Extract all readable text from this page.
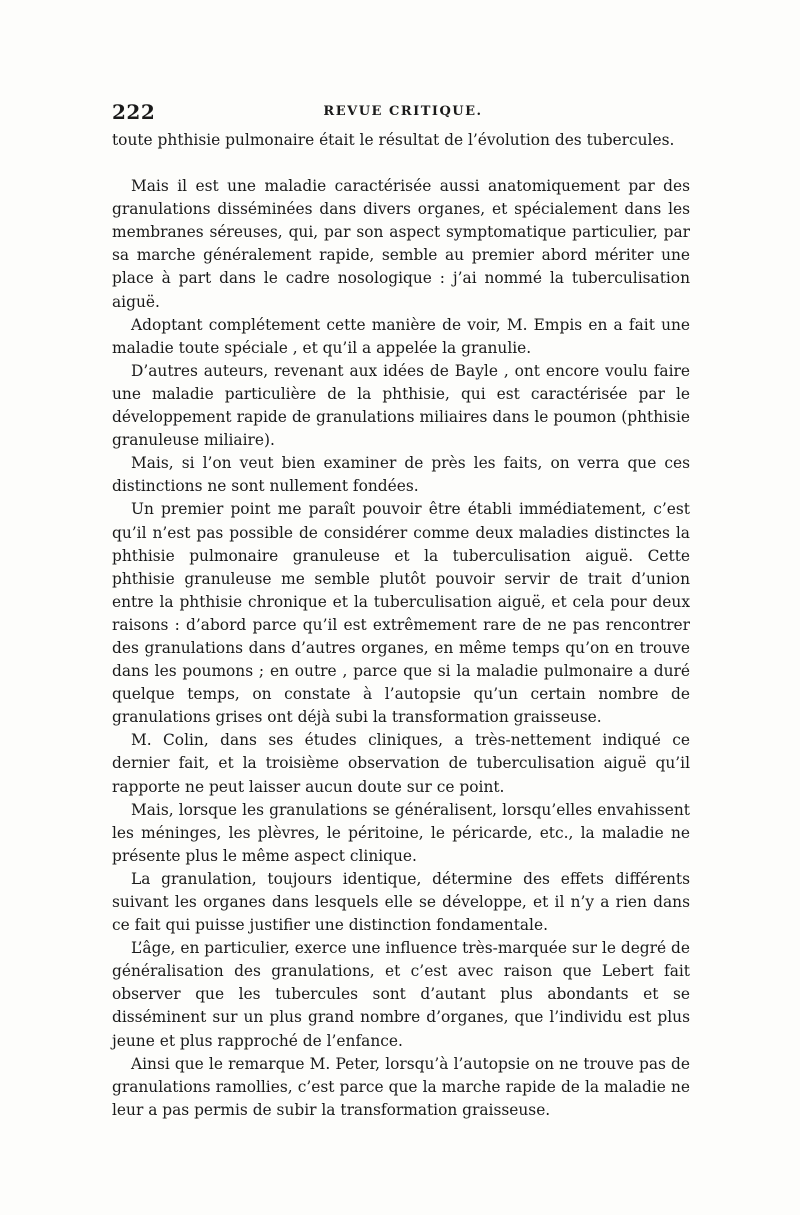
222	REVUE CRITIQUE.

toute phthisie pulmonaire était le résultat de l’évolution des tubercules.

Mais il est une maladie caractérisée aussi anatomiquement par des granulations disséminées dans divers organes, et spécialement dans les membranes séreuses, qui, par son aspect symptomatique particulier, par sa marche généralement rapide, semble au premier abord mériter une place à part dans le cadre nosologique : j’ai nommé la tuberculisation aiguë.

Adoptant complétement cette manière de voir, M. Empis en a fait une maladie toute spéciale , et qu’il a appelée la granulie.

D’autres auteurs, revenant aux idées de Bayle , ont encore voulu faire une maladie particulière de la phthisie, qui est caractérisée par le développement rapide de granulations miliaires dans le poumon (phthisie granuleuse miliaire).

Mais, si l’on veut bien examiner de près les faits, on verra que ces distinctions ne sont nullement fondées.

Un premier point me paraît pouvoir être établi immédiatement, c’est qu’il n’est pas possible de considérer comme deux maladies distinctes la phthisie pulmonaire granuleuse et la tuberculisation aiguë. Cette phthisie granuleuse me semble plutôt pouvoir servir de trait d’union entre la phthisie chronique et la tuberculisation aiguë, et cela pour deux raisons : d’abord parce qu’il est extrêmement rare de ne pas rencontrer des granulations dans d’autres organes, en même temps qu’on en trouve dans les poumons ; en outre , parce que si la maladie pulmonaire a duré quelque temps, on constate à l’autopsie qu’un certain nombre de granulations grises ont déjà subi la transformation graisseuse.

M. Colin, dans ses études cliniques, a très-nettement indiqué ce dernier fait, et la troisième observation de tuberculisation aiguë qu’il rapporte ne peut laisser aucun doute sur ce point.

Mais, lorsque les granulations se généralisent, lorsqu’elles envahissent les méninges, les plèvres, le péritoine, le péricarde, etc., la maladie ne présente plus le même aspect clinique.

La granulation, toujours identique, détermine des effets différents suivant les organes dans lesquels elle se développe, et il n’y a rien dans ce fait qui puisse justifier une distinction fondamentale.

L’âge, en particulier, exerce une influence très-marquée sur le degré de généralisation des granulations, et c’est avec raison que Lebert fait observer que les tubercules sont d’autant plus abondants et se disséminent sur un plus grand nombre d’organes, que l’individu est plus jeune et plus rapproché de l’enfance.

Ainsi que le remarque M. Peter, lorsqu’à l’autopsie on ne trouve pas de granulations ramollies, c’est parce que la marche rapide de la maladie ne leur a pas permis de subir la transformation graisseuse.
